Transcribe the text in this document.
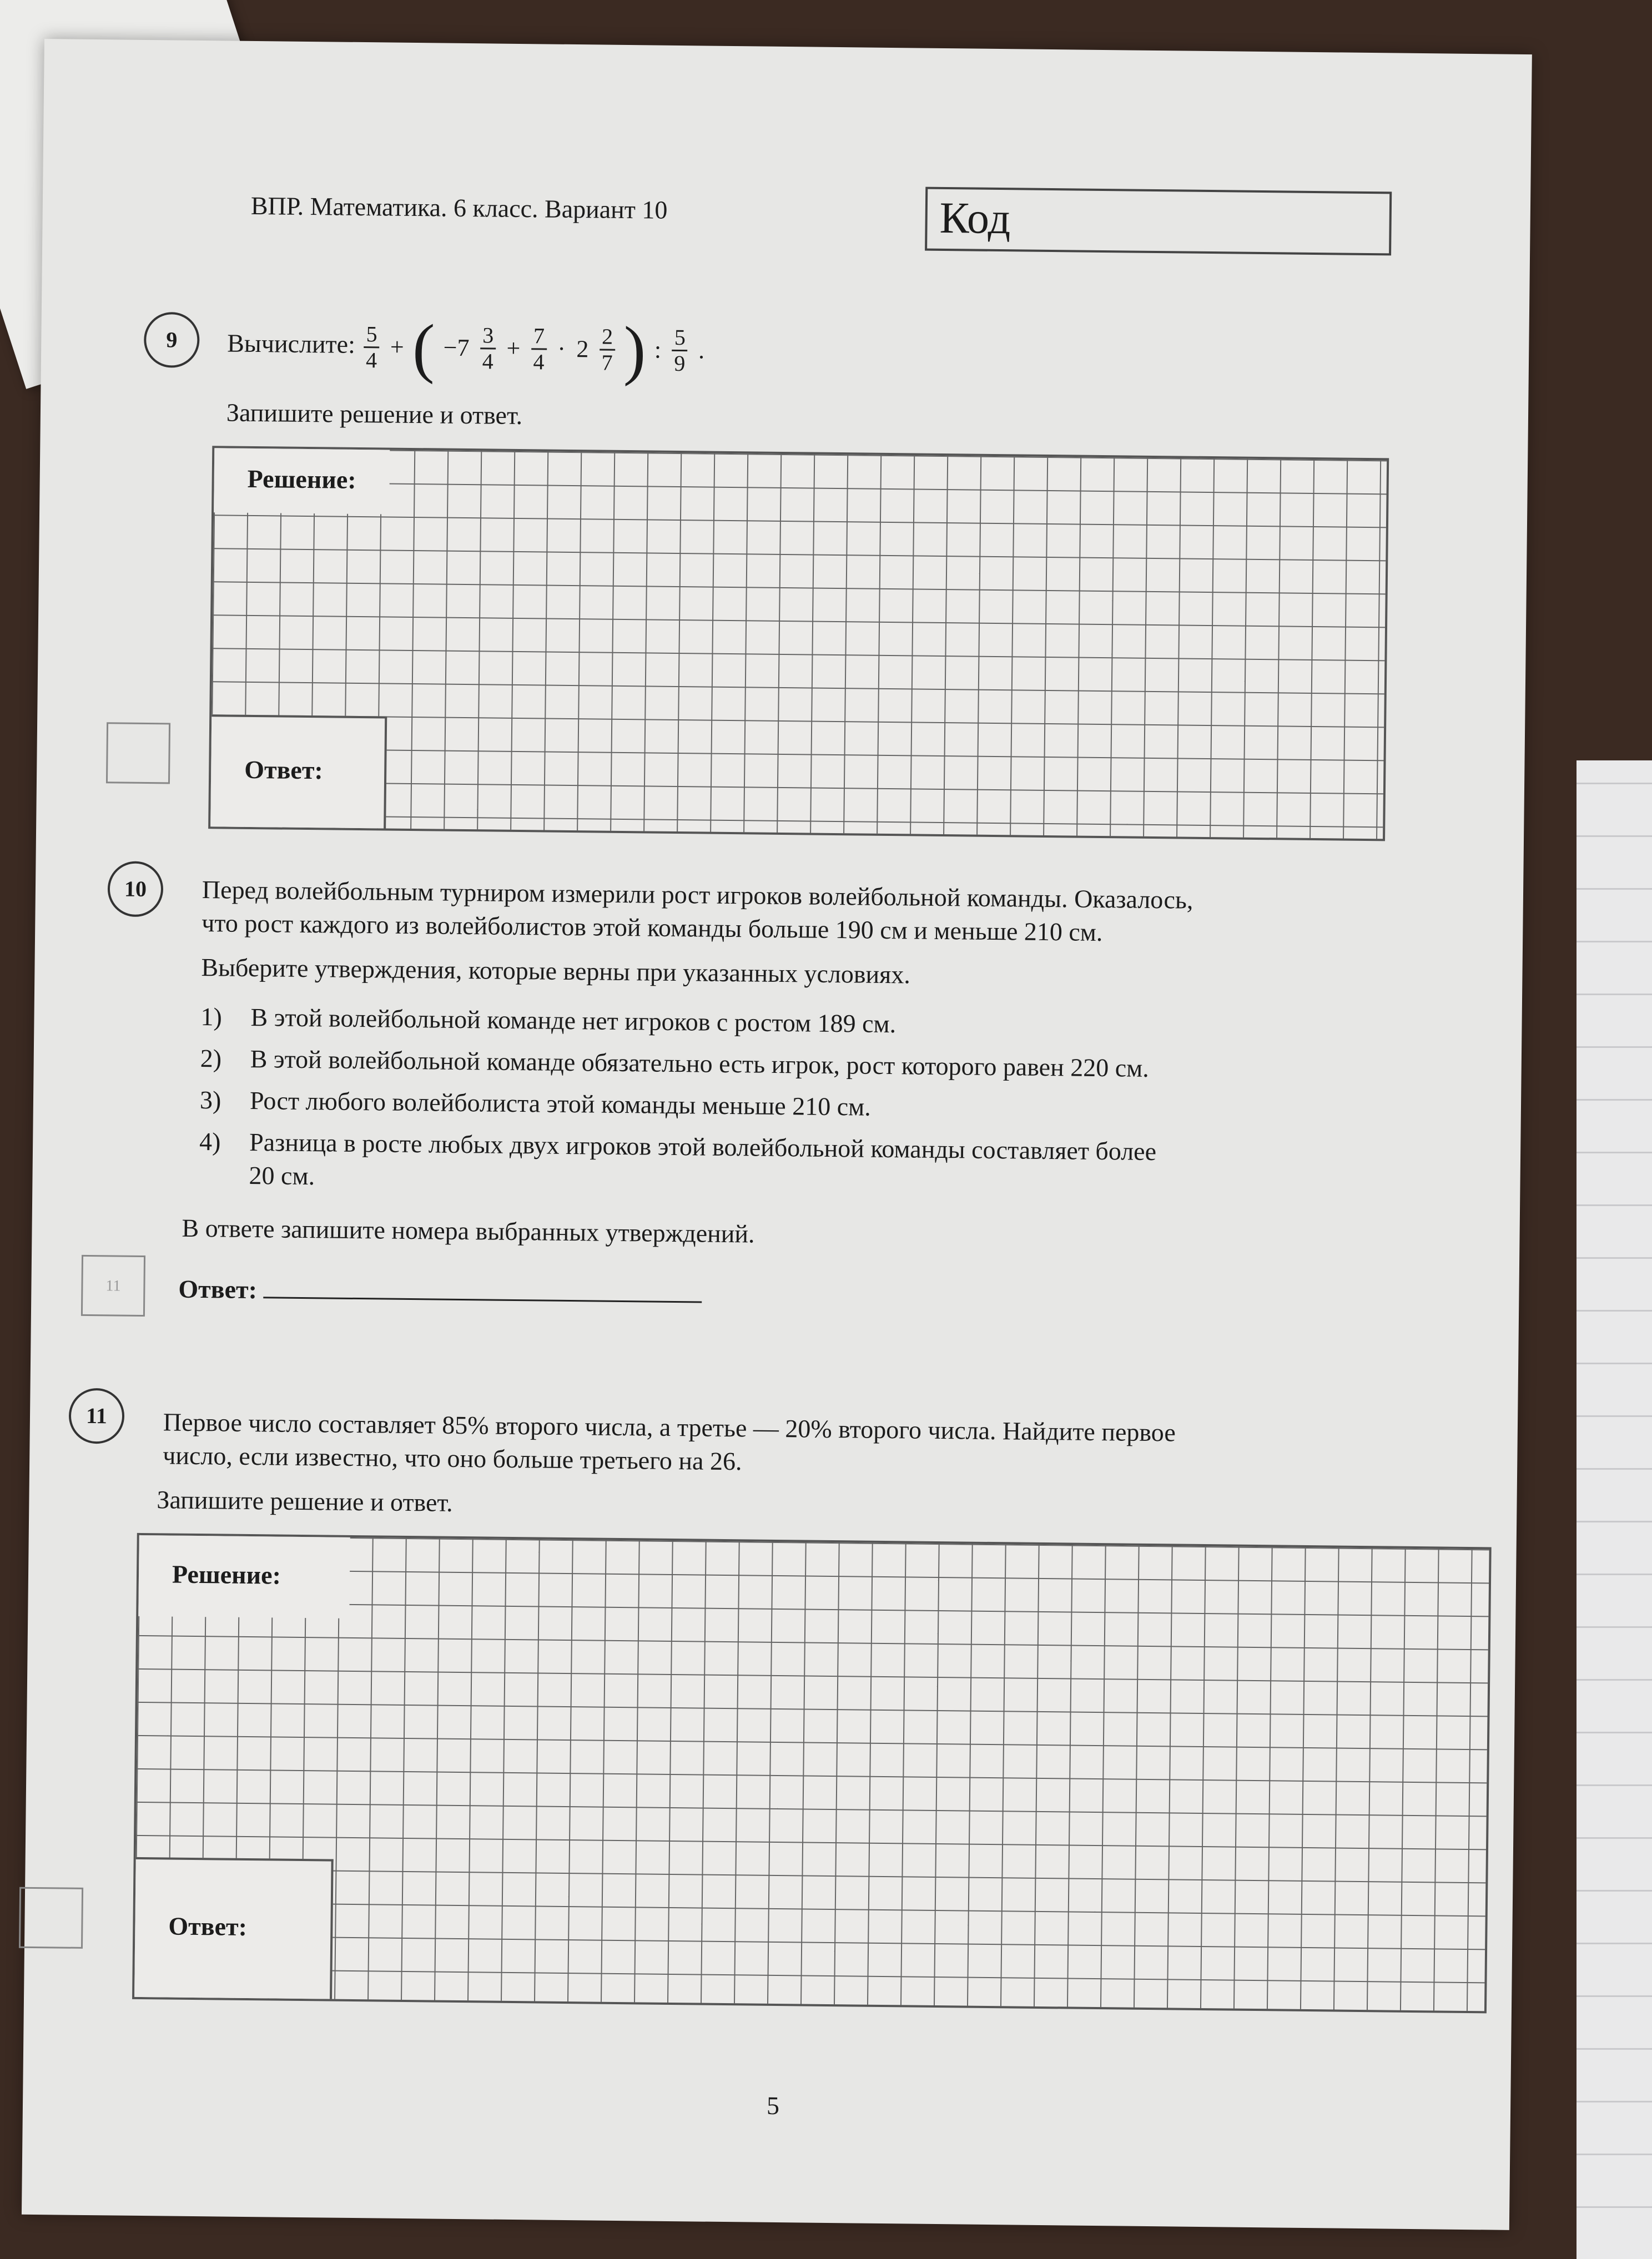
ВПР. Математика. 6 класс. Вариант 10	Код
9	Вычислите: $\frac{5}{4}$ + ( $-7 \frac{3}{4} + \frac{7}{4} \cdot 2 \frac{2}{7}$ ) : $\frac{5}{9}$ .
Запишите решение и ответ.
Решение:
Ответ:
10	Перед волейбольным турниром измерили рост игроков волейбольной команды. Оказалось,
что рост каждого из волейболистов этой команды больше 190 см и меньше 210 см.
Выберите утверждения, которые верны при указанных условиях.
1) В этой волейбольной команде нет игроков с ростом 189 см.
2) В этой волейбольной команде обязательно есть игрок, рост которого равен 220 см.
3) Рост любого волейболиста этой команды меньше 210 см.
4) Разница в росте любых двух игроков этой волейбольной команды составляет более
20 см.
В ответе запишите номера выбранных утверждений.
11	Ответ:
11	Первое число составляет 85% второго числа, а третье — 20% второго числа. Найдите первое
число, если известно, что оно больше третьего на 26.
Запишите решение и ответ.
Решение:
Ответ:
5
